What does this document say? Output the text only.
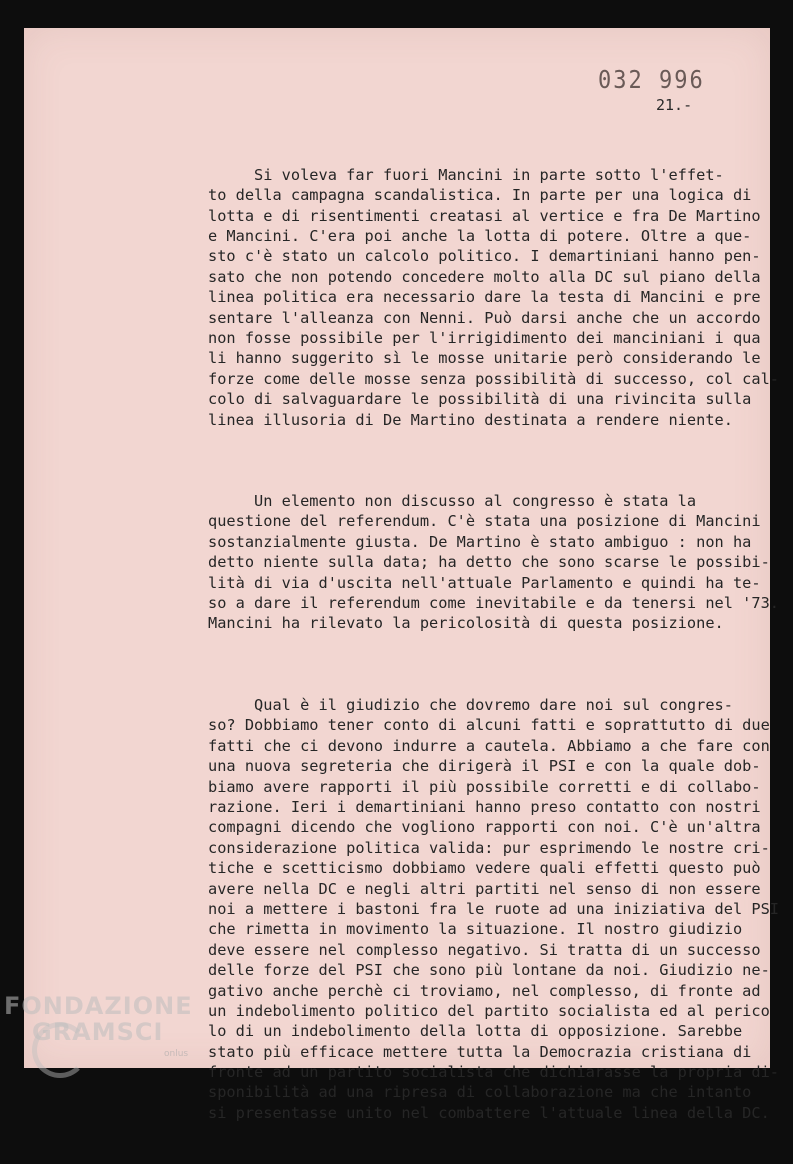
032 996
21.-

Si voleva far fuori Mancini in parte sotto l'effet-
to della campagna scandalistica. In parte per una logica di
lotta e di risentimenti creatasi al vertice e fra De Martino
e Mancini. C'era poi anche la lotta di potere. Oltre a que-
sto c'è stato un calcolo politico. I demartiniani hanno pen-
sato che non potendo concedere molto alla DC sul piano della
linea politica era necessario dare la testa di Mancini e pre
sentare l'alleanza con Nenni. Può darsi anche che un accordo
non fosse possibile per l'irrigidimento dei manciniani i qua
li hanno suggerito sì le mosse unitarie però considerando le
forze come delle mosse senza possibilità di successo, col cal-
colo di salvaguardare le possibilità di una rivincita sulla
linea illusoria di De Martino destinata a rendere niente.

Un elemento non discusso al congresso è stata la
questione del referendum. C'è stata una posizione di Mancini
sostanzialmente giusta. De Martino è stato ambiguo : non ha
detto niente sulla data; ha detto che sono scarse le possibi-
lità di via d'uscita nell'attuale Parlamento e quindi ha te-
so a dare il referendum come inevitabile e da tenersi nel '73.
Mancini ha rilevato la pericolosità di questa posizione.

Qual è il giudizio che dovremo dare noi sul congres-
so? Dobbiamo tener conto di alcuni fatti e soprattutto di due
fatti che ci devono indurre a cautela. Abbiamo a che fare con
una nuova segreteria che dirigerà il PSI e con la quale dob-
biamo avere rapporti il più possibile corretti e di collabo-
razione. Ieri i demartiniani hanno preso contatto con nostri
compagni dicendo che vogliono rapporti con noi. C'è un'altra
considerazione politica valida: pur esprimendo le nostre cri-
tiche e scetticismo dobbiamo vedere quali effetti questo può
avere nella DC e negli altri partiti nel senso di non essere
noi a mettere i bastoni fra le ruote ad una iniziativa del PSI
che rimetta in movimento la situazione. Il nostro giudizio
deve essere nel complesso negativo. Si tratta di un successo
delle forze del PSI che sono più lontane da noi. Giudizio ne-
gativo anche perchè ci troviamo, nel complesso, di fronte ad
un indebolimento politico del partito socialista ed al perico
lo di un indebolimento della lotta di opposizione. Sarebbe
stato più efficace mettere tutta la Democrazia cristiana di
fronte ad un partito socialista che dichiarasse la propria di-
sponibilità ad una ripresa di collaborazione ma che intanto
si presentasse unito nel combattere l'attuale linea della DC.

FONDAZIONE
GRAMSCI
onlus
